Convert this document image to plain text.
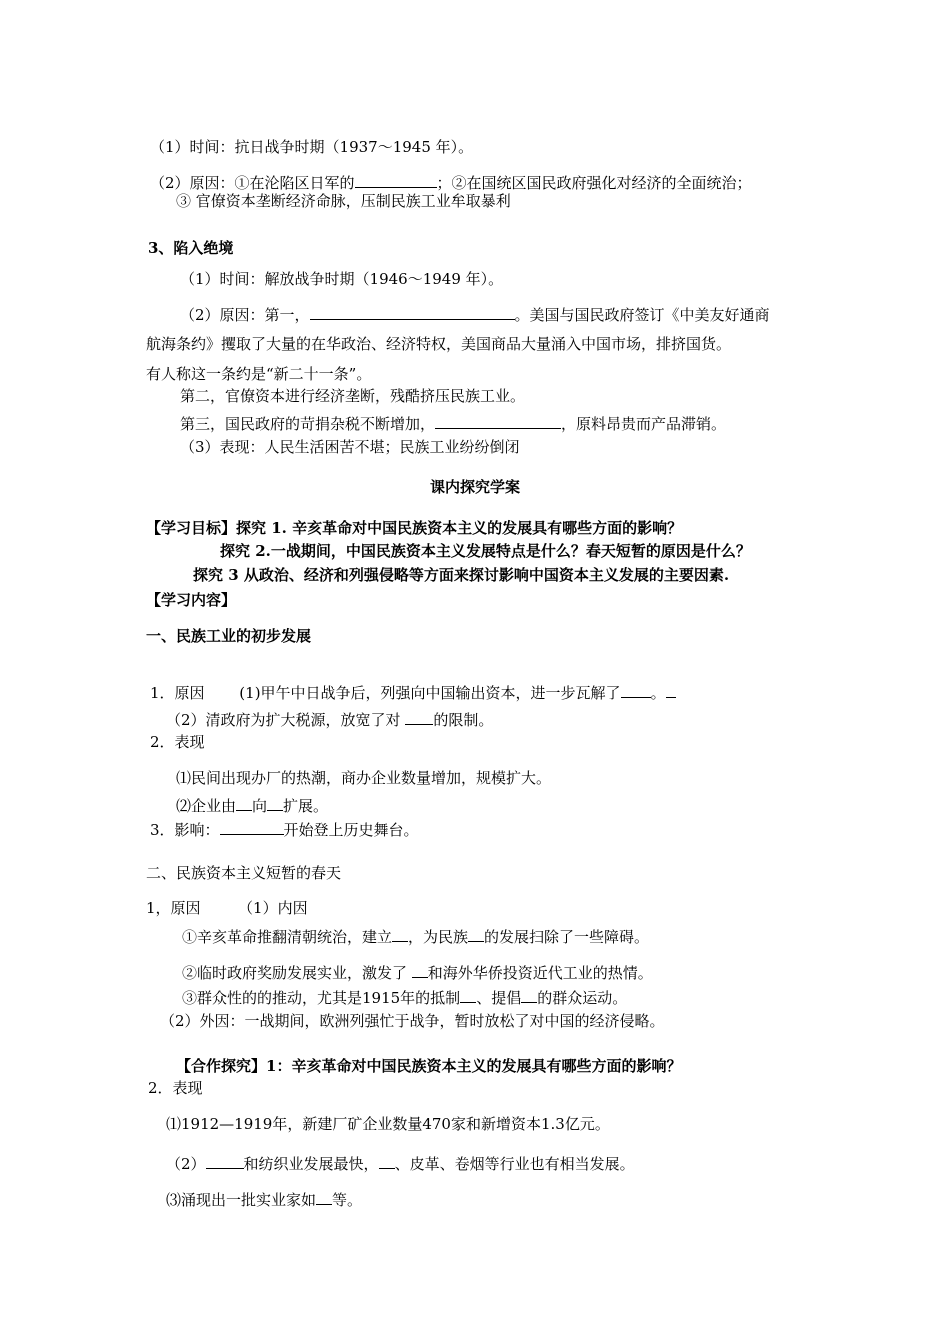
（1）时间：抗日战争时期（1937～1945 年）。
（2）原因：①在沦陷区日军的	；②在国统区国民政府强化对经济的全面统治；
③ 官僚资本垄断经济命脉，压制民族工业牟取暴利
3、陷入绝境
（1）时间：解放战争时期（1946～1949 年）。
（2）原因：第一，	。美国与国民政府签订《中美友好通商
航海条约》攫取了大量的在华政治、经济特权，美国商品大量涌入中国市场，排挤国货。
有人称这一条约是“新二十一条”。
第二，官僚资本进行经济垄断，残酷挤压民族工业。
第三，国民政府的苛捐杂税不断增加，	，原料昂贵而产品滞销。
（3）表现：人民生活困苦不堪；民族工业纷纷倒闭
课内探究学案
【学习目标】探究 1. 辛亥革命对中国民族资本主义的发展具有哪些方面的影响？
探究 2.一战期间，中国民族资本主义发展特点是什么？春天短暂的原因是什么？
探究 3 从政治、经济和列强侵略等方面来探讨影响中国资本主义发展的主要因素.
【学习内容】
一、民族工业的初步发展
1．原因 　　(1)甲午中日战争后，列强向中国输出资本，进一步瓦解了 。
（2）清政府为扩大税源，放宽了对 的限制。
2．表现
⑴民间出现办厂的热潮，商办企业数量增加，规模扩大。
⑵企业由 向 扩展。
3．影响：	开始登上历史舞台。
二、民族资本主义短暂的春天
1，原因　　　（1）内因
①辛亥革命推翻清朝统治，建立 ，为民族 的发展扫除了一些障碍。
②临时政府奖励发展实业，激发了 和海外华侨投资近代工业的热情。
③群众性的的推动，尤其是1915年的抵制 、提倡 的群众运动。
（2）外因：一战期间，欧洲列强忙于战争，暂时放松了对中国的经济侵略。
【合作探究】1：辛亥革命对中国民族资本主义的发展具有哪些方面的影响？
2．表现
⑴1912—1919年，新建厂矿企业数量470家和新增资本1.3亿元。
（2）	和纺织业发展最快， 、皮革、卷烟等行业也有相当发展。
⑶涌现出一批实业家如 等。
